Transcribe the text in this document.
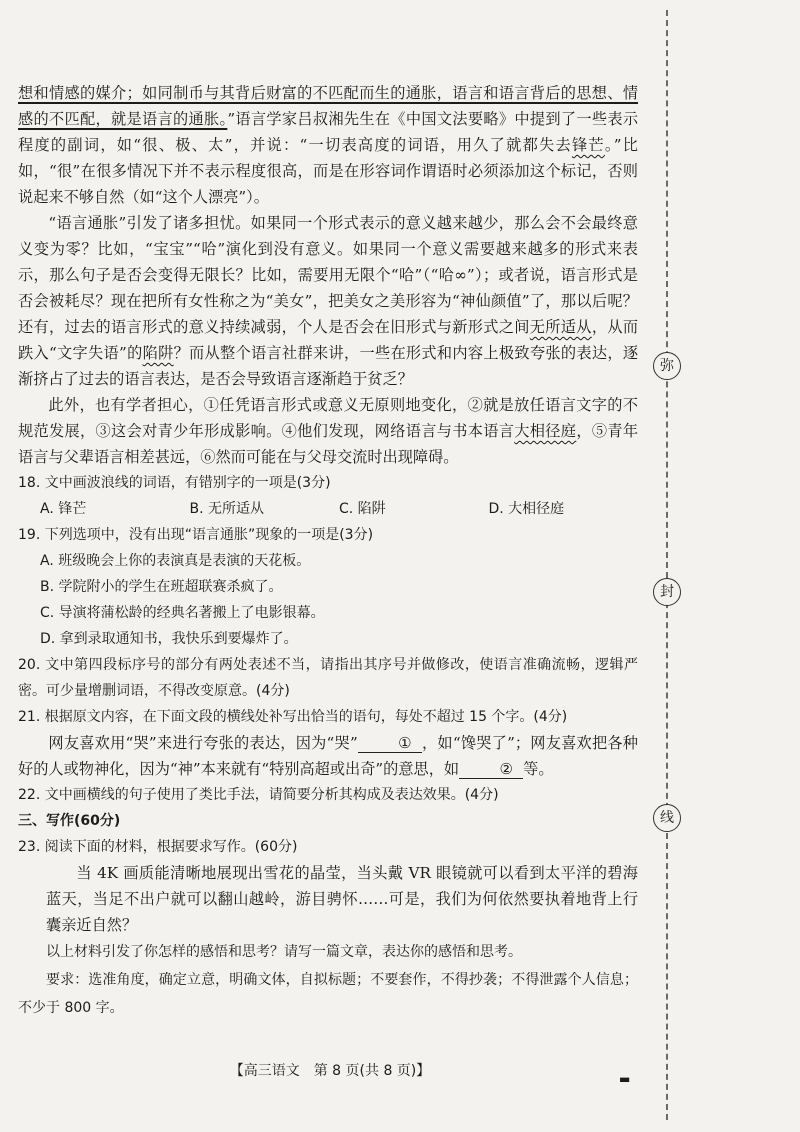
弥
封
线

想和情感的媒介；如同制币与其背后财富的不匹配而生的通胀，语言和语言背后的思想、情感的不匹配，就是语言的通胀。”语言学家吕叔湘先生在《中国文法要略》中提到了一些表示程度的副词，如“很、极、太”，并说：“一切表高度的词语，用久了就都失去锋芒。”比如，“很”在很多情况下并不表示程度很高，而是在形容词作谓语时必须添加这个标记，否则说起来不够自然（如“这个人漂亮”）。

“语言通胀”引发了诸多担忧。如果同一个形式表示的意义越来越少，那么会不会最终意义变为零？比如，“宝宝”“哈”演化到没有意义。如果同一个意义需要越来越多的形式来表示，那么句子是否会变得无限长？比如，需要用无限个“哈”（“哈∞”）；或者说，语言形式是否会被耗尽？现在把所有女性称之为“美女”，把美女之美形容为“神仙颜值”了，那以后呢？还有，过去的语言形式的意义持续减弱，个人是否会在旧形式与新形式之间无所适从，从而跌入“文字失语”的陷阱？而从整个语言社群来讲，一些在形式和内容上极致夸张的表达，逐渐挤占了过去的语言表达，是否会导致语言逐渐趋于贫乏？

此外，也有学者担心，①任凭语言形式或意义无原则地变化，②就是放任语言文字的不规范发展，③这会对青少年形成影响。④他们发现，网络语言与书本语言大相径庭，⑤青年语言与父辈语言相差甚远，⑥然而可能在与父母交流时出现障碍。

18. 文中画波浪线的词语，有错别字的一项是(3分)

A. 锋芒	B. 无所适从	C. 陷阱	D. 大相径庭

19. 下列选项中，没有出现“语言通胀”现象的一项是(3分)

A. 班级晚会上你的表演真是表演的天花板。
B. 学院附小的学生在班超联赛杀疯了。
C. 导演将蒲松龄的经典名著搬上了电影银幕。
D. 拿到录取通知书，我快乐到要爆炸了。

20. 文中第四段标序号的部分有两处表述不当，请指出其序号并做修改，使语言准确流畅，逻辑严密。可少量增删词语，不得改变原意。(4分)

21. 根据原文内容，在下面文段的横线处补写出恰当的语句，每处不超过 15 个字。(4分)

网友喜欢用“哭”来进行夸张的表达，因为“哭”	① ，如“馋哭了”；网友喜欢把各种好的人或物神化，因为“神”本来就有“特别高超或出奇”的意思，如	② 等。

22. 文中画横线的句子使用了类比手法，请简要分析其构成及表达效果。(4分)

三、写作(60分)

23. 阅读下面的材料，根据要求写作。(60分)

当 4K 画质能清晰地展现出雪花的晶莹，当头戴 VR 眼镜就可以看到太平洋的碧海蓝天，当足不出户就可以翻山越岭，游目骋怀……可是，我们为何依然要执着地背上行囊亲近自然？

以上材料引发了你怎样的感悟和思考？请写一篇文章，表达你的感悟和思考。

要求：选准角度，确定立意，明确文体，自拟标题；不要套作，不得抄袭；不得泄露个人信息；不少于 800 字。

【高三语文　第 8 页(共 8 页)】	▬
